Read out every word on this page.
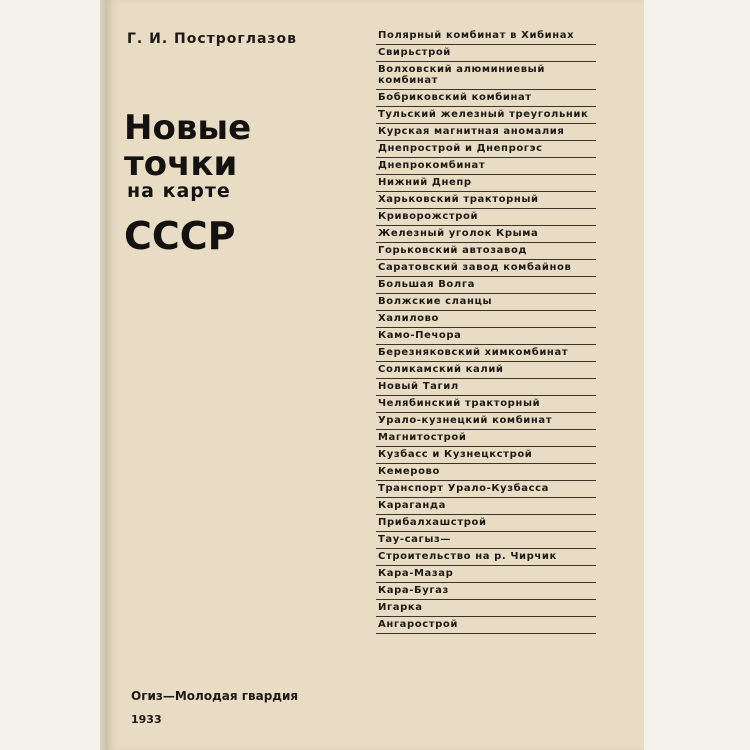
Г. И. Построглазов
Новые
точки
на карте
СССР
Полярный комбинат в Хибинах
Свирьстрой
Волховский алюминиевый комбинат
Бобриковский комбинат
Тульский железный треугольник
Курская магнитная аномалия
Днепрострой и Днепрогэс
Днепрокомбинат
Нижний Днепр
Харьковский тракторный
Криворожстрой
Железный уголок Крыма
Горьковский автозавод
Саратовский завод комбайнов
Большая Волга
Волжские сланцы
Халилово
Камо-Печора
Березняковский химкомбинат
Соликамский калий
Новый Тагил
Челябинский тракторный
Урало-кузнецкий комбинат
Магнитострой
Кузбасс и Кузнецкстрой
Кемерово
Транспорт Урало-Кузбасса
Караганда
Прибалхашстрой
Тау-сагыз—
Строительство на р. Чирчик
Кара-Мазар
Кара-Бугаз
Игарка
Ангарострой
Огиз—Молодая гвардия
1933
